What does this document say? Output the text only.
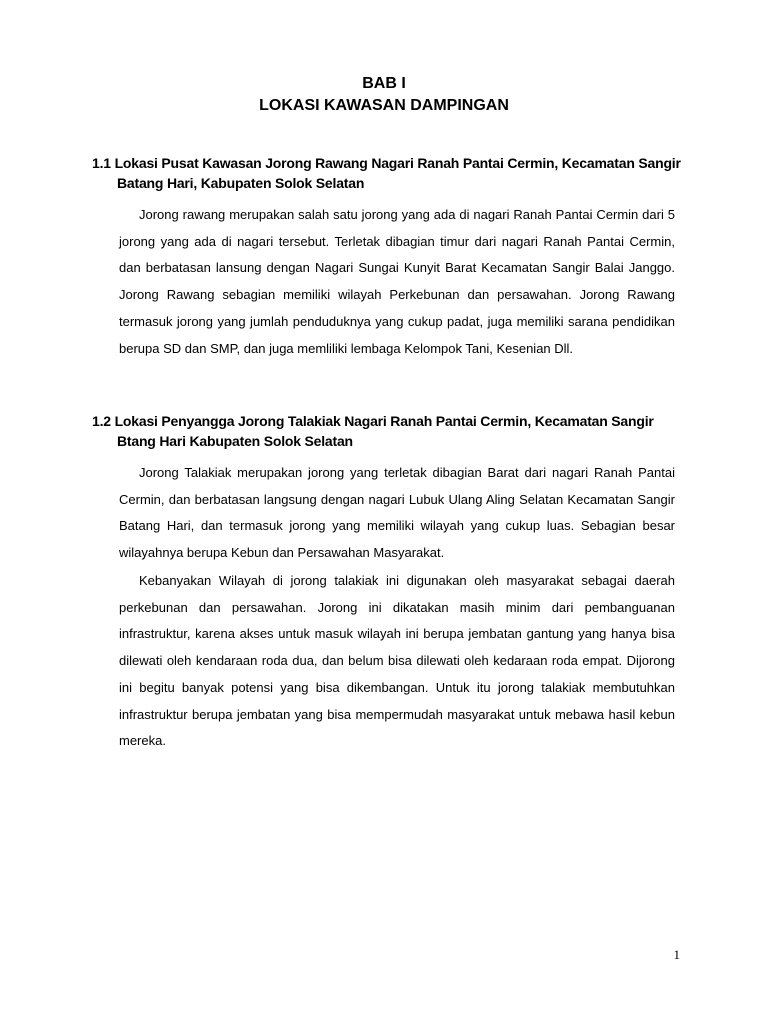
BAB I
LOKASI KAWASAN DAMPINGAN
1.1 Lokasi Pusat Kawasan Jorong Rawang Nagari Ranah Pantai Cermin, Kecamatan Sangir
Batang Hari, Kabupaten Solok Selatan

Jorong rawang merupakan salah satu jorong yang ada di nagari Ranah Pantai Cermin dari 5 jorong yang ada di nagari tersebut. Terletak dibagian timur dari nagari Ranah Pantai Cermin, dan berbatasan lansung dengan Nagari Sungai Kunyit Barat Kecamatan Sangir Balai Janggo. Jorong Rawang sebagian memiliki wilayah Perkebunan dan persawahan. Jorong Rawang termasuk jorong yang jumlah penduduknya yang cukup padat, juga memiliki sarana pendidikan berupa SD dan SMP, dan juga memliliki lembaga Kelompok Tani, Kesenian Dll.

1.2 Lokasi Penyangga Jorong Talakiak Nagari Ranah Pantai Cermin, Kecamatan Sangir
Btang Hari Kabupaten Solok Selatan

Jorong Talakiak merupakan jorong yang terletak dibagian Barat dari nagari Ranah Pantai Cermin, dan berbatasan langsung dengan nagari Lubuk Ulang Aling Selatan Kecamatan Sangir Batang Hari, dan termasuk jorong yang memiliki wilayah yang cukup luas. Sebagian besar wilayahnya berupa Kebun dan Persawahan Masyarakat.

Kebanyakan Wilayah di jorong talakiak ini digunakan oleh masyarakat sebagai daerah perkebunan dan persawahan. Jorong ini dikatakan masih minim dari pembanguanan infrastruktur, karena akses untuk masuk wilayah ini berupa jembatan gantung yang hanya bisa dilewati oleh kendaraan roda dua, dan belum bisa dilewati oleh kedaraan roda empat. Dijorong ini begitu banyak potensi yang bisa dikembangan. Untuk itu jorong talakiak membutuhkan infrastruktur berupa jembatan yang bisa mempermudah masyarakat untuk mebawa hasil kebun mereka.

1
